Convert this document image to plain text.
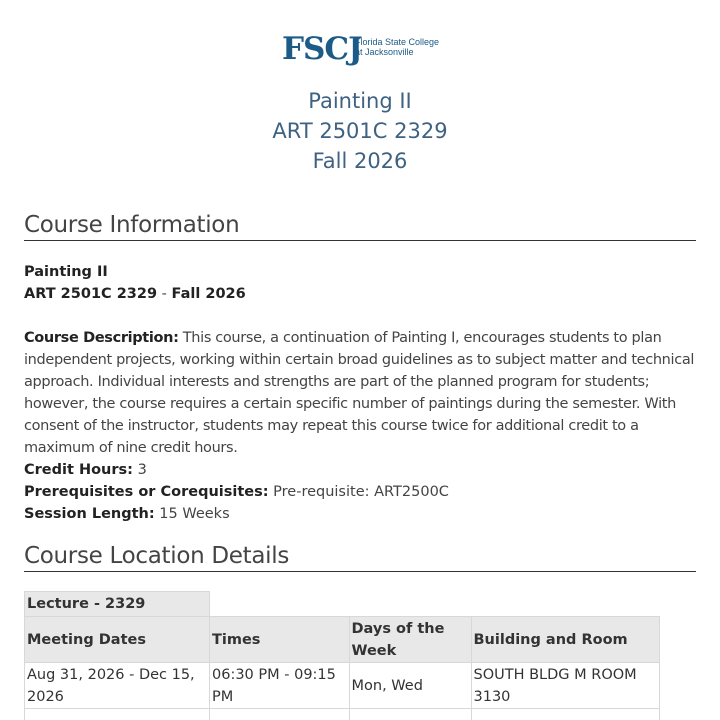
FSCJ
Florida State College
at Jacksonville
Painting II
ART 2501C 2329
Fall 2026
Course Information
Painting II
ART 2501C 2329 - Fall 2026
Course Description: This course, a continuation of Painting I, encourages students to plan independent projects, working within certain broad guidelines as to subject matter and technical approach. Individual interests and strengths are part of the planned program for students; however, the course requires a certain specific number of paintings during the semester. With consent of the instructor, students may repeat this course twice for additional credit to a maximum of nine credit hours.
Credit Hours: 3
Prerequisites or Corequisites: Pre-requisite: ART2500C
Session Length: 15 Weeks
Course Location Details
Lecture - 2329			
Meeting Dates	Times	Days of the Week	Building and Room
Aug 31, 2026 - Dec 15, 2026	06:30 PM - 09:15 PM	Mon, Wed	SOUTH BLDG M ROOM 3130
